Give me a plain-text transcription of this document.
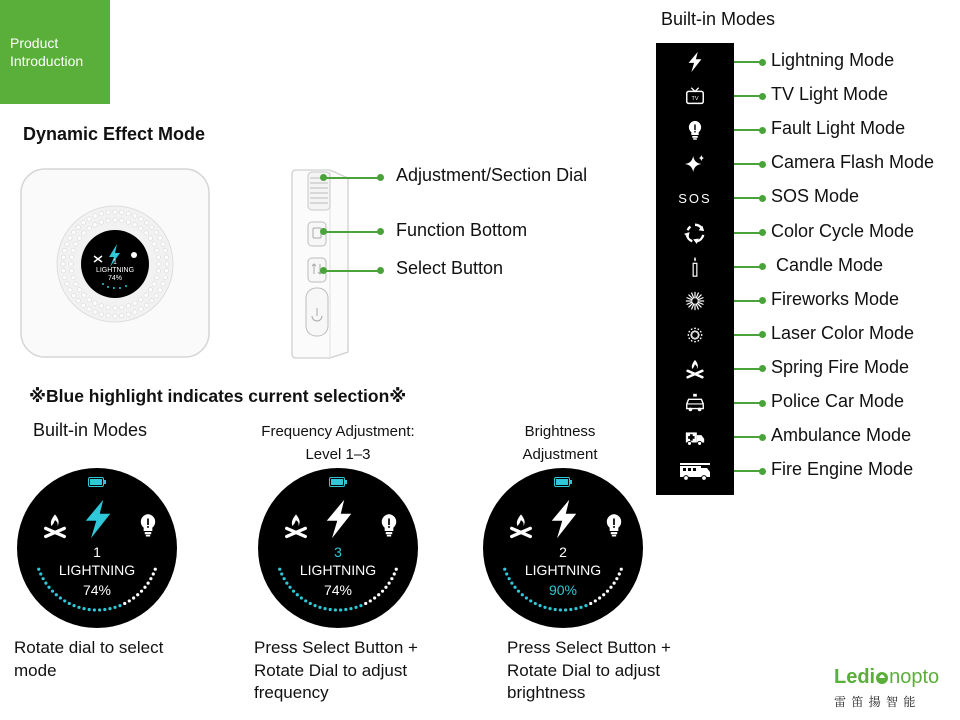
Product
Introduction
Dynamic Effect Mode
1
LIGHTNING
74%
Adjustment/Section Dial
Function Bottom
Select Button
Built-in Modes
Lightning Mode
TV	TV Light Mode
Fault Light Mode
Camera Flash Mode
SOS	SOS Mode
Color Cycle Mode
Candle Mode
Fireworks Mode
Laser Color Mode
Spring Fire Mode
Police Car Mode
Ambulance Mode
Fire Engine Mode
※Blue highlight indicates current selection※
Built-in Modes	Frequency Adjustment:
Level 1–3
Brightness
Adjustment
1
LIGHTNING
74%
3
LIGHTNING
74%
2
LIGHTNING
90%
Rotate dial to select
mode
Press Select Button +
Rotate Dial to adjust
frequency
Press Select Button +
Rotate Dial to adjust
brightness
Ledi nopto
雷 笛 揚 智 能
